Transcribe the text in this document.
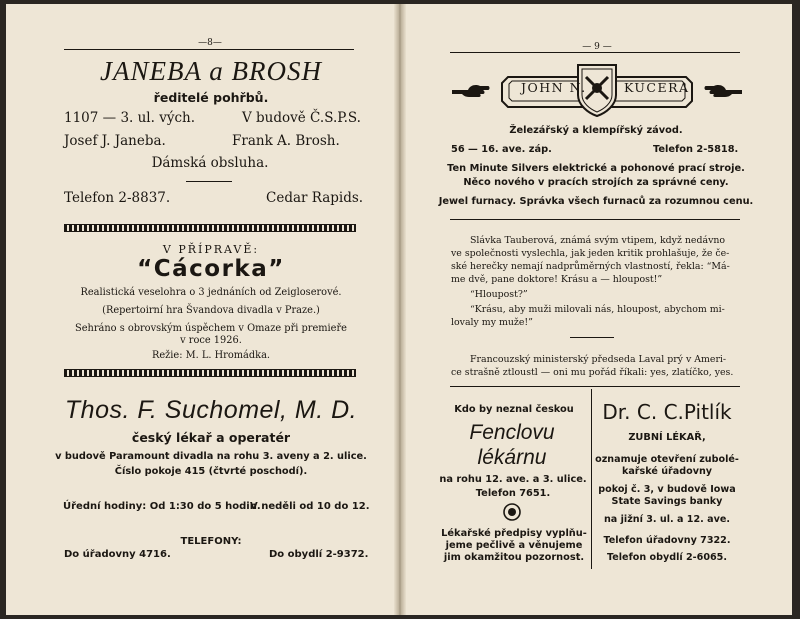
—8—
JANEBA a BROSH
ředitelé pohřbů.
1107 — 3. ul. vých.	V budově Č.S.P.S.
Josef J. Janeba.	Frank A. Brosh.
Dámská obsluha.
Telefon 2-8837.	Cedar Rapids.
V PŘÍPRAVĚ:
“Cácorka”
Realistická veselohra o 3 jednáních od Zeigloserové.
(Repertoirní hra Švandova divadla v Praze.)
Sehráno s obrovským úspěchem v Omaze při premieře
v roce 1926.
Režie: M. L. Hromádka.
Thos. F. Suchomel, M. D.
český lékař a operatér
v budově Paramount divadla na rohu 3. aveny a 2. ulice.
Číslo pokoje 415 (čtvrté poschodí).
Úřední hodiny: Od 1:30 do 5 hodin.
V neděli od 10 do 12.
TELEFONY:
Do úřadovny 4716.	Do obydlí 2-9372.
— 9 —
JOHN N.	KUCERA
Železářský a klempířský závod.
56 — 16. ave. záp.	Telefon 2-5818.
Ten Minute Silvers elektrické a pohonové prací stroje.
Něco nového v pracích strojích za správné ceny.
Jewel furnacy. Správka všech furnaců za rozumnou cenu.
Slávka Tauberová, známá svým vtipem, když nedávno
ve společnosti vyslechla, jak jeden kritik prohlašuje, že če-
ské herečky nemají nadprůměrných vlastností, řekla: “Má-
me dvě, pane doktore! Krásu a — hloupost!”
“Hloupost?”
“Krásu, aby muži milovali nás, hloupost, abychom mi-
lovaly my muže!”
Francouzský ministerský předseda Laval prý v Ameri-
ce strašně ztloustl — oni mu pořád říkali: yes, zlatíčko, yes.
Kdo by neznal českou
Fenclovu
lékárnu
na rohu 12. ave. a 3. ulice.
Telefon 7651.
Lékařské předpisy vyplňu-
jeme pečlivě a věnujeme
jim okamžitou pozornost.
Dr. C. C.Pitlík
ZUBNÍ LÉKAŘ,
oznamuje otevření zubolé-
kařské úřadovny
pokoj č. 3, v budově Iowa
State Savings banky
na jižní 3. ul. a 12. ave.
Telefon úřadovny 7322.
Telefon obydlí 2-6065.
